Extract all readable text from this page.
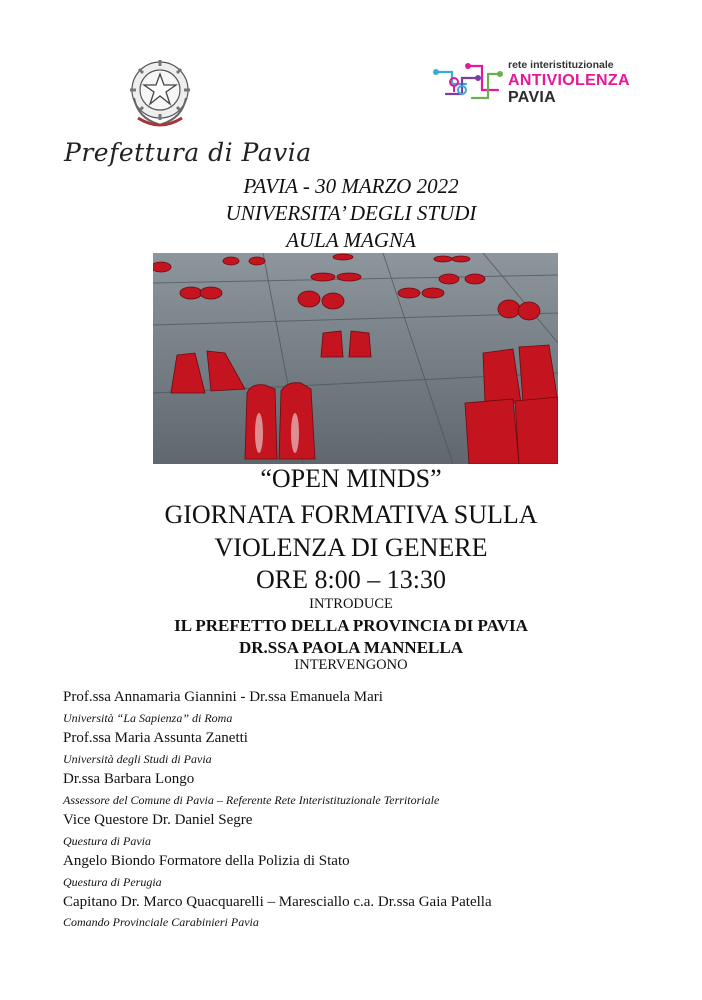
Prefettura di Pavia
rete interistituzionale
ANTIVIOLENZA
PAVIA
PAVIA - 30 MARZO 2022
UNIVERSITA’ DEGLI STUDI
AULA MAGNA
“OPEN MINDS”
GIORNATA FORMATIVA SULLA
VIOLENZA DI GENERE
ORE 8:00 – 13:30
INTRODUCE
IL PREFETTO DELLA PROVINCIA DI PAVIA
DR.SSA PAOLA MANNELLA
INTERVENGONO
Prof.ssa Annamaria Giannini - Dr.ssa Emanuela Mari
Università “La Sapienza” di Roma
Prof.ssa Maria Assunta Zanetti
Università degli Studi di Pavia
Dr.ssa Barbara Longo
Assessore del Comune di Pavia – Referente Rete Interistituzionale Territoriale
Vice Questore Dr. Daniel Segre
Questura di Pavia
Angelo Biondo Formatore della Polizia di Stato
Questura di Perugia
Capitano Dr. Marco Quacquarelli – Maresciallo c.a. Dr.ssa Gaia Patella
Comando Provinciale Carabinieri Pavia
